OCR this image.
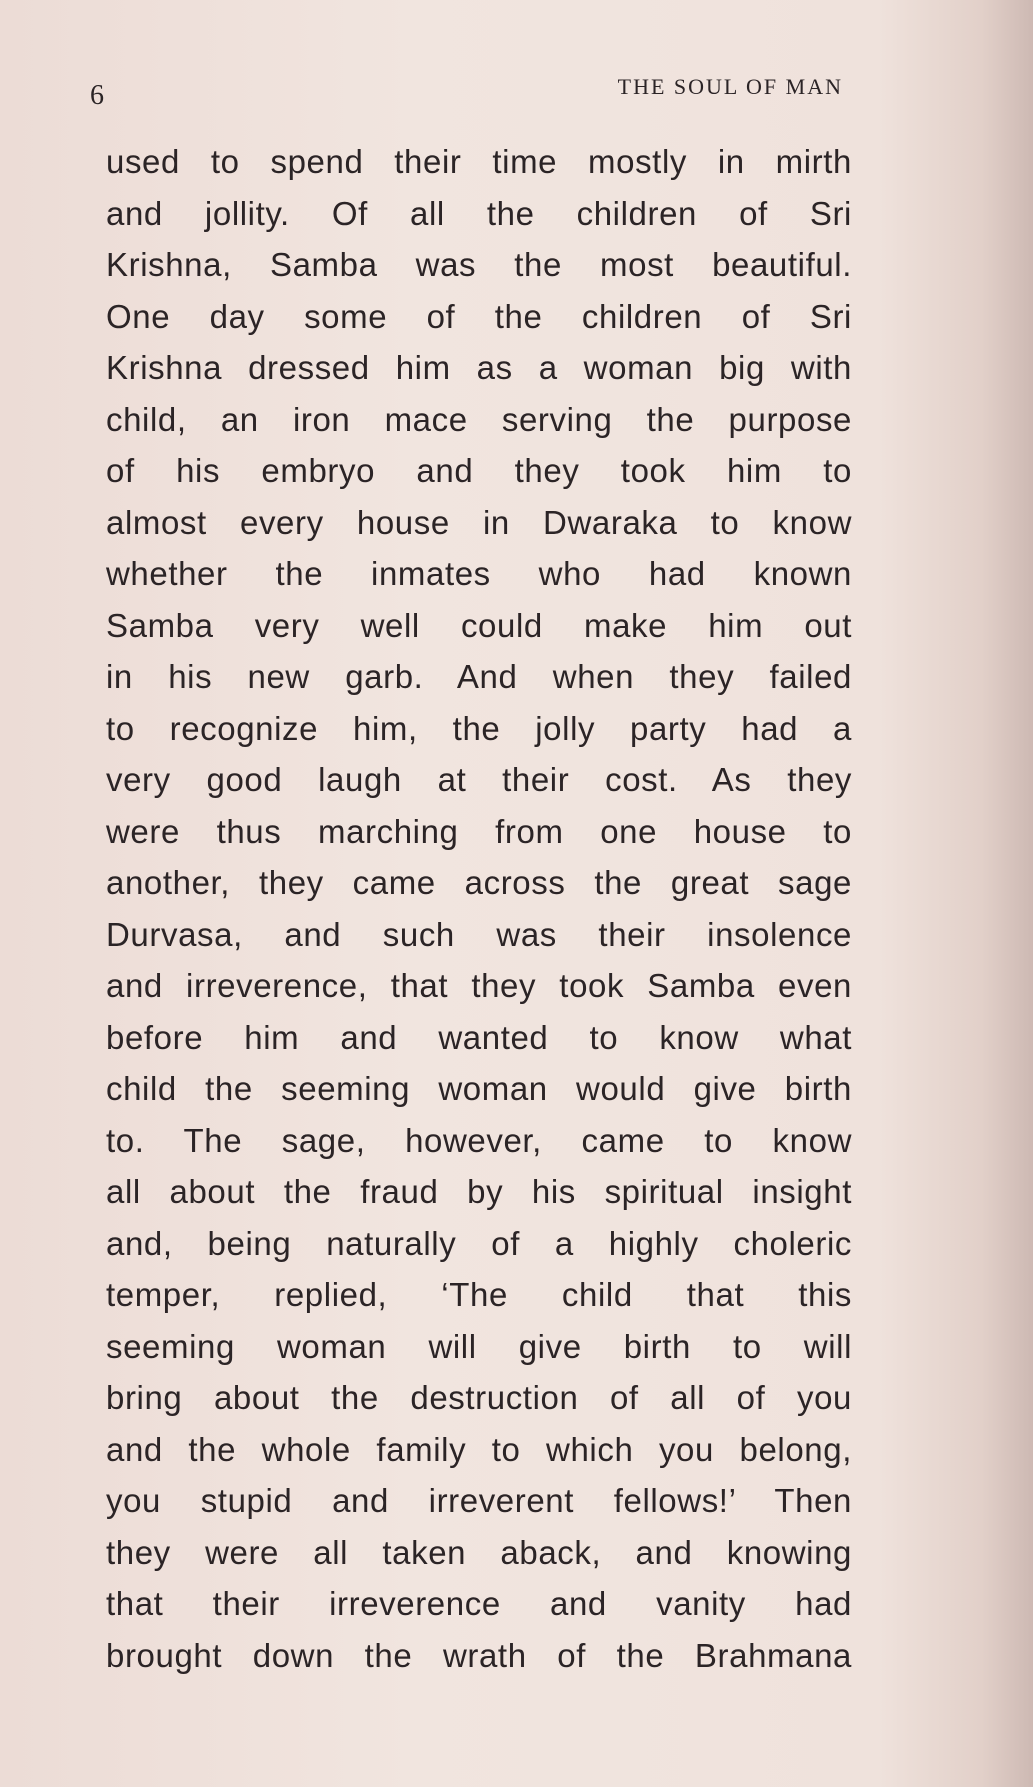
6	THE SOUL OF MAN
used to spend their time mostly in mirth
and jollity. Of all the children of Sri
Krishna, Samba was the most beautiful.
One day some of the children of Sri
Krishna dressed him as a woman big with
child, an iron mace serving the purpose
of his embryo and they took him to
almost every house in Dwaraka to know
whether the inmates who had known
Samba very well could make him out
in his new garb. And when they failed
to recognize him, the jolly party had a
very good laugh at their cost. As they
were thus marching from one house to
another, they came across the great sage
Durvasa, and such was their insolence
and irreverence, that they took Samba even
before him and wanted to know what
child the seeming woman would give birth
to. The sage, however, came to know
all about the fraud by his spiritual insight
and, being naturally of a highly choleric
temper, replied, ‘The child that this
seeming woman will give birth to will
bring about the destruction of all of you
and the whole family to which you belong,
you stupid and irreverent fellows!’ Then
they were all taken aback, and knowing
that their irreverence and vanity had
brought down the wrath of the Brahmana
